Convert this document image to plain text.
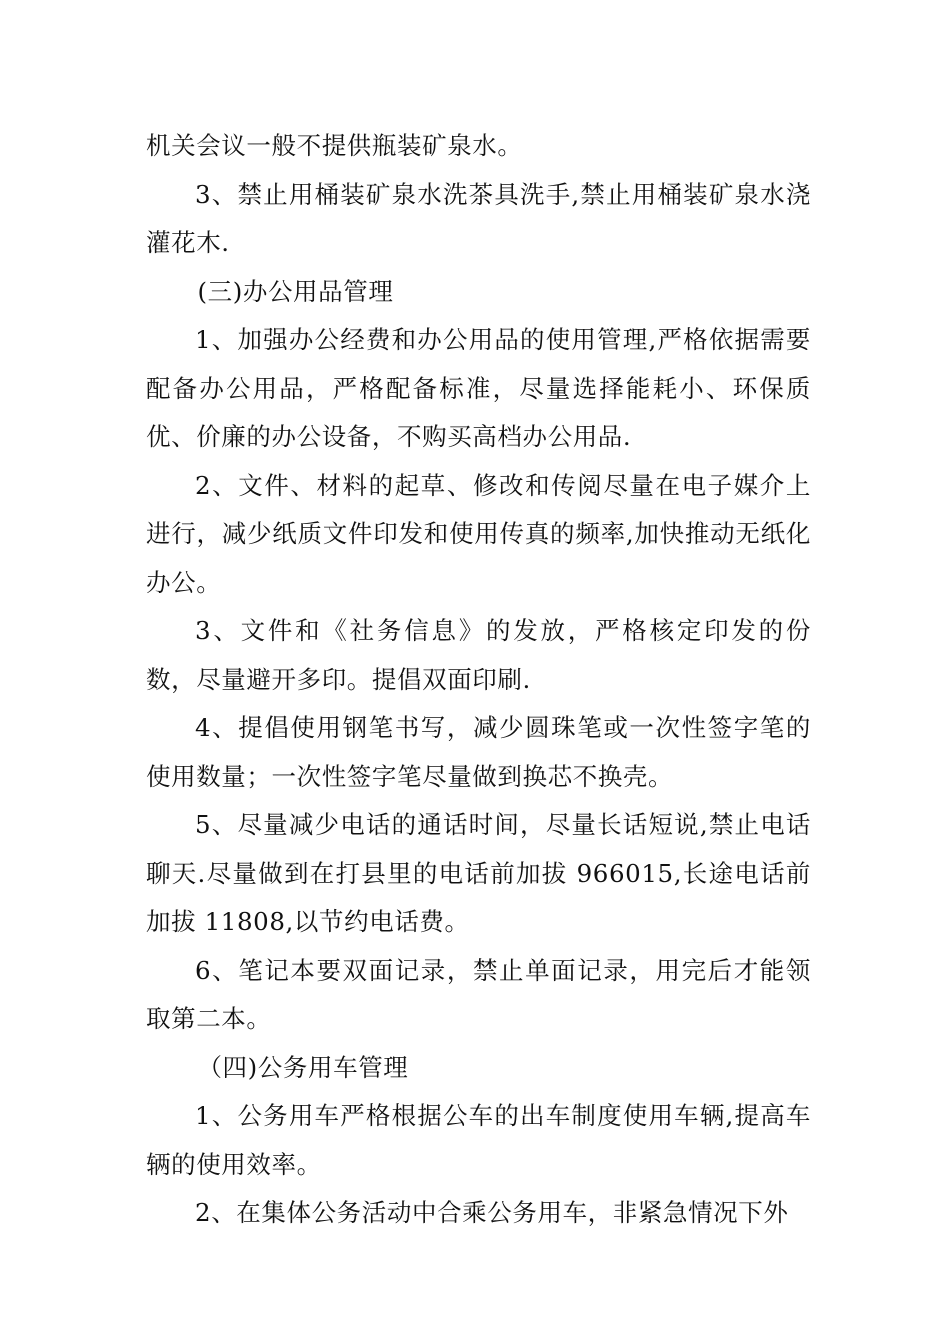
机关会议一般不提供瓶装矿泉水。

3、禁止用桶装矿泉水洗茶具洗手,禁止用桶装矿泉水浇灌花木.

(三)办公用品管理

1、加强办公经费和办公用品的使用管理,严格依据需要配备办公用品，严格配备标准，尽量选择能耗小、环保质优、价廉的办公设备，不购买高档办公用品.

2、文件、材料的起草、修改和传阅尽量在电子媒介上进行，减少纸质文件印发和使用传真的频率,加快推动无纸化办公。

3、文件和《社务信息》的发放，严格核定印发的份数，尽量避开多印。提倡双面印刷.

4、提倡使用钢笔书写，减少圆珠笔或一次性签字笔的使用数量；一次性签字笔尽量做到换芯不换壳。

5、尽量减少电话的通话时间，尽量长话短说,禁止电话聊天.尽量做到在打县里的电话前加拔 966015,长途电话前加拔 11808,以节约电话费。

6、笔记本要双面记录，禁止单面记录，用完后才能领取第二本。

（四)公务用车管理

1、公务用车严格根据公车的出车制度使用车辆,提高车辆的使用效率。

2、在集体公务活动中合乘公务用车，非紧急情况下外
